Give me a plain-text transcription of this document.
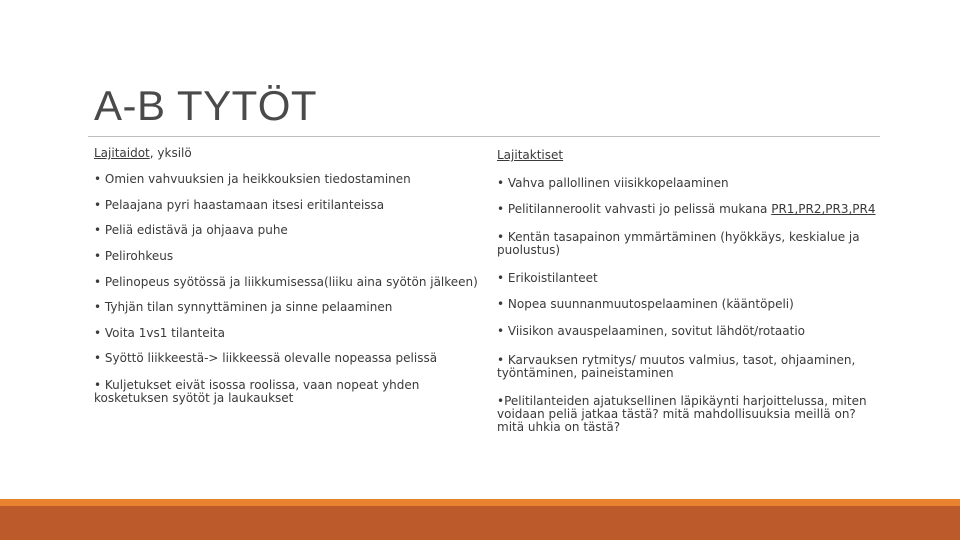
A-B TYTÖT
Lajitaidot, yksilö
• Omien vahvuuksien ja heikkouksien tiedostaminen
• Pelaajana pyri haastamaan itsesi eritilanteissa
• Peliä edistävä ja ohjaava puhe
• Pelirohkeus
• Pelinopeus syötössä ja liikkumisessa(liiku aina syötön jälkeen)
• Tyhjän tilan synnyttäminen ja sinne pelaaminen
• Voita 1vs1 tilanteita
• Syöttö liikkeestä-> liikkeessä olevalle nopeassa pelissä
• Kuljetukset eivät isossa roolissa, vaan nopeat yhden kosketuksen syötöt ja laukaukset
Lajitaktiset
• Vahva pallollinen viisikkopelaaminen
• Pelitilanneroolit vahvasti jo pelissä mukana PR1,PR2,PR3,PR4
• Kentän tasapainon ymmärtäminen (hyökkäys, keskialue ja puolustus)
• Erikoistilanteet
• Nopea suunnanmuutospelaaminen (kääntöpeli)
• Viisikon avauspelaaminen, sovitut lähdöt/rotaatio
• Karvauksen rytmitys/ muutos valmius, tasot, ohjaaminen, työntäminen, paineistaminen
•Pelitilanteiden ajatuksellinen läpikäynti harjoittelussa, miten voidaan peliä jatkaa tästä? mitä mahdollisuuksia meillä on? mitä uhkia on tästä?
